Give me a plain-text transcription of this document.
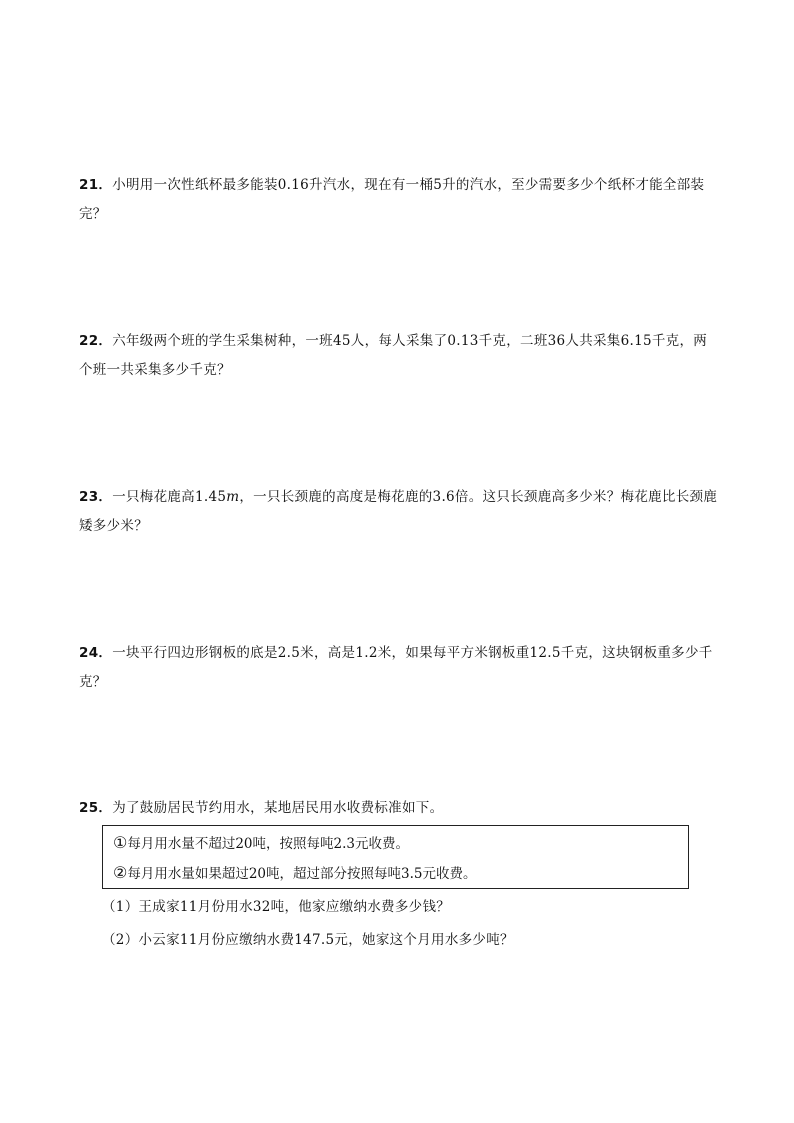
21．小明用一次性纸杯最多能装0.16升汽水，现在有一桶5升的汽水，至少需要多少个纸杯才能全部装完？
22．六年级两个班的学生采集树种，一班45人，每人采集了0.13千克，二班36人共采集6.15千克，两个班一共采集多少千克？
23．一只梅花鹿高1.45m，一只长颈鹿的高度是梅花鹿的3.6倍。这只长颈鹿高多少米？梅花鹿比长颈鹿矮多少米？
24．一块平行四边形钢板的底是2.5米，高是1.2米，如果每平方米钢板重12.5千克，这块钢板重多少千克？
25．为了鼓励居民节约用水，某地居民用水收费标准如下。
①每月用水量不超过20吨，按照每吨2.3元收费。
②每月用水量如果超过20吨，超过部分按照每吨3.5元收费。
（1）王成家11月份用水32吨，他家应缴纳水费多少钱？
（2）小云家11月份应缴纳水费147.5元，她家这个月用水多少吨？
